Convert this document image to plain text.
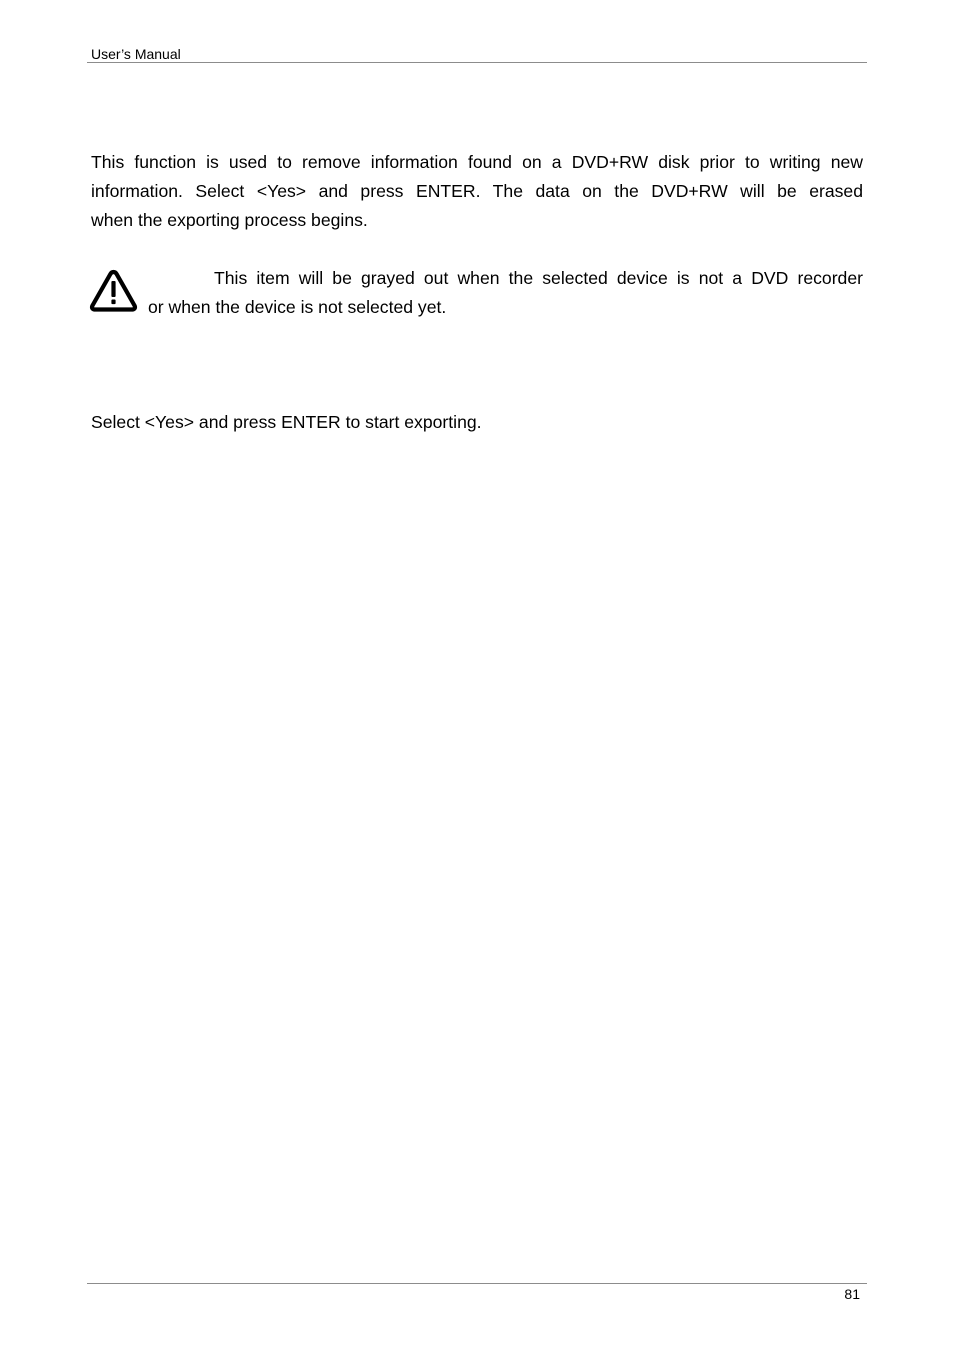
User’s Manual
This function is used to remove information found on a DVD+RW disk prior to writing new
information. Select <Yes> and press ENTER. The data on the DVD+RW will be erased
when the exporting process begins.
This item will be grayed out when the selected device is not a DVD recorder
or when the device is not selected yet.
Select <Yes> and press ENTER to start exporting.
81
